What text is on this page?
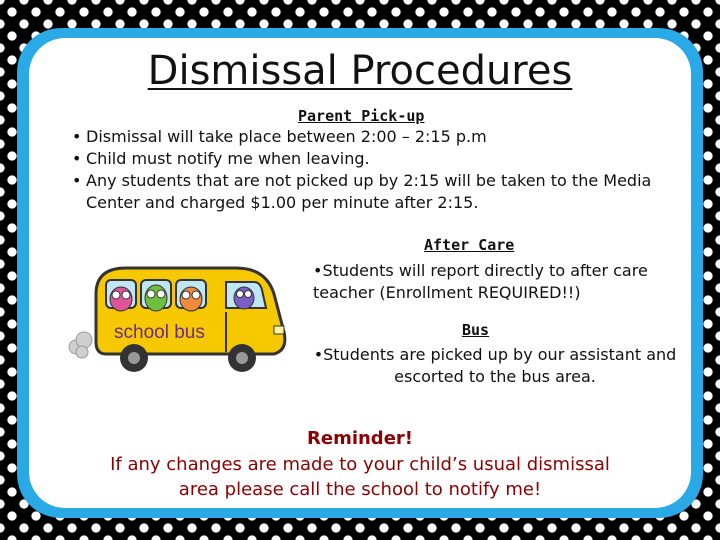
Dismissal Procedures
Parent Pick-up
• Dismissal will take place between 2:00 – 2:15 p.m
• Child must notify me when leaving.
• Any students that are not picked up by 2:15 will be taken to the Media Center and charged $1.00 per minute after 2:15.
school bus
After Care
•Students will report directly to after care teacher (Enrollment REQUIRED!!)
Bus
•Students are picked up by our assistant and escorted to the bus area.
Reminder!
If any changes are made to your child’s usual dismissal area please call the school to notify me!
